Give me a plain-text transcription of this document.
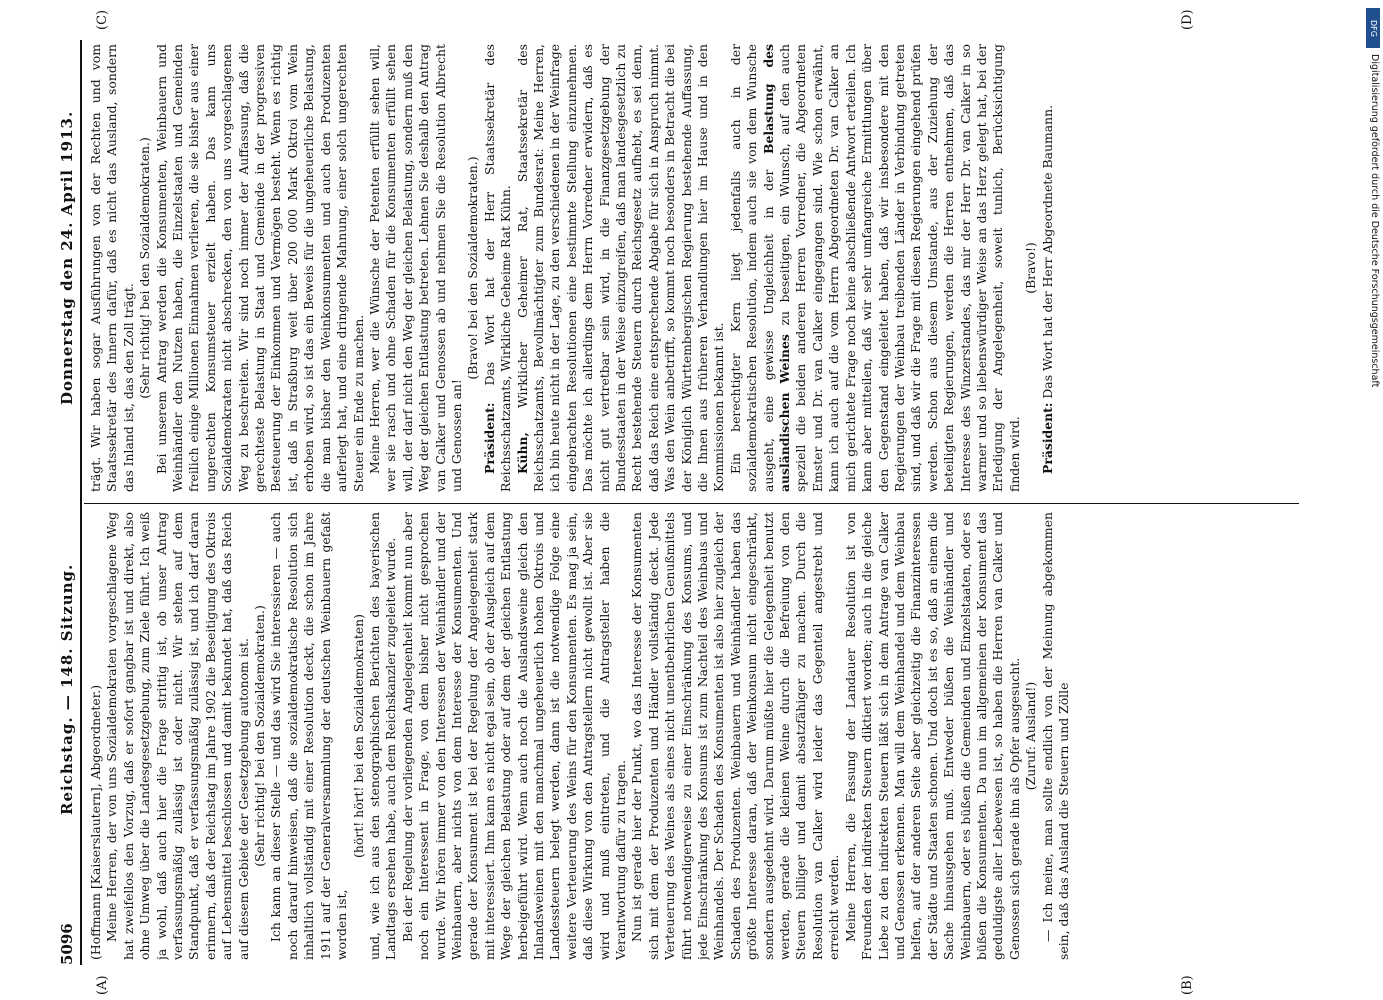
5096
Reichstag. — 148. Sitzung.
Donnerstag den 24. April 1913.
(A)	(B)
(C)	(D)

(Hoffmann [Kaiserslautern], Abgeordneter.) Meine Herren, der von uns Sozialdemokraten vorgeschlagene Weg hat zweifellos den Vorzug, daß er sofort gangbar ist und direkt, also ohne Umweg über die Landesgesetzgebung, zum Ziele führt. Ich weiß ja wohl, daß auch hier die Frage strittig ist, ob unser Antrag verfassungsmäßig zulässig ist oder nicht. Wir stehen auf dem Standpunkt, daß er verfassungsmäßig zulässig ist, und ich darf daran erinnern, daß der Reichstag im Jahre 1902 die Beseitigung des Oktrois auf Lebensmittel beschlossen und damit bekundet hat, daß das Reich auf diesem Gebiete der Gesetzgebung autonom ist. (Sehr richtig! bei den Sozialdemokraten.) Ich kann an dieser Stelle — und das wird Sie interessieren — auch noch darauf hinweisen, daß die sozialdemokratische Resolution sich inhaltlich vollständig mit einer Resolution deckt, die schon im Jahre 1911 auf der Generalversammlung der deutschen Weinbauern gefaßt worden ist,

(hört! hört! bei den Sozialdemokraten) und, wie ich aus den stenographischen Berichten des bayerischen Landtags ersehen habe, auch dem Reichskanzler zugeleitet wurde. Bei der Regelung der vorliegenden Angelegenheit kommt nun aber noch ein Interessent in Frage, von dem bisher nicht gesprochen wurde. Wir hören immer von den Interessen der Weinhändler und der Weinbauern, aber nichts von dem Interesse der Konsumenten. Und gerade der Konsument ist bei der Regelung der Angelegenheit stark mit interessiert. Ihm kann es nicht egal sein, ob der Ausgleich auf dem Wege der gleichen Belastung oder auf dem der gleichen Entlastung herbeigeführt wird. Wenn auch noch die Auslandsweine gleich den Inlandsweinen mit den manchmal ungeheuerlich hohen Oktrois und Landessteuern belegt werden, dann ist die notwendige Folge eine weitere Verteuerung des Weins für den Konsumenten. Es mag ja sein, daß diese Wirkung von den Antragstellern nicht gewollt ist. Aber sie wird und muß eintreten, und die Antragsteller haben die Verantwortung dafür zu tragen. Nun ist gerade hier der Punkt, wo das Interesse der Konsumenten sich mit dem der Produzenten und Händler vollständig deckt. Jede Verteuerung des Weines als eines nicht unentbehrlichen Genußmittels führt notwendigerweise zu einer Einschränkung des Konsums, und jede Einschränkung des Konsums ist zum Nachteil des Weinbaus und Weinhandels. Der Schaden des Konsumenten ist also hier zugleich der Schaden des Produzenten. Weinbauern und Weinhändler haben das größte Interesse daran, daß der Weinkonsum nicht eingeschränkt, sondern ausgedehnt wird. Darum müßte hier die Gelegenheit benutzt werden, gerade die kleinen Weine durch die Befreiung von den Steuern billiger und damit absatzfähiger zu machen. Durch die Resolution van Calker wird leider das Gegenteil angestrebt und erreicht werden. Meine Herren, die Fassung der Landauer Resolution ist von Freunden der indirekten Steuern diktiert worden; auch in die gleiche Liebe zu den indirekten Steuern läßt sich in dem Antrage van Calker und Genossen erkennen. Man will dem Weinhandel und dem Weinbau helfen, auf der anderen Seite aber gleichzeitig die Finanzinteressen der Städte und Staaten schonen. Und doch ist es so, daß an einem die Sache hinausgehen muß. Entweder büßen die Weinhändler und Weinbauern, oder es büßen die Gemeinden und Einzelstaaten, oder es büßen die Konsumenten. Da nun im allgemeinen der Konsument das geduldigste aller Lebewesen ist, so haben die Herren van Calker und Genossen sich gerade ihn als Opfer ausgesucht. (Zuruf: Ausland!) — Ich meine, man sollte endlich von der Meinung abgekommen sein, daß das Ausland die Steuern und Zölle

trägt. Wir haben sogar Ausführungen von der Rechten und vom Staatssekretär des Innern dafür, daß es nicht das Ausland, sondern das Inland ist, das den Zoll trägt. (Sehr richtig! bei den Sozialdemokraten.) Bei unserem Antrag werden die Konsumenten, Weinbauern und Weinhändler den Nutzen haben, die Einzelstaaten und Gemeinden freilich einige Millionen Einnahmen verlieren, die sie bisher aus einer ungerechten Konsumsteuer erzielt haben. Das kann uns Sozialdemokraten nicht abschrecken, den von uns vorgeschlagenen Weg zu beschreiten. Wir sind noch immer der Auffassung, daß die gerechteste Belastung in Staat und Gemeinde in der progressiven Besteuerung der Einkommen und Vermögen besteht. Wenn es richtig ist, daß in Straßburg weit über 200 000 Mark Oktroi vom Wein erhoben wird, so ist das ein Beweis für die ungeheuerliche Belastung, die man bisher den Weinkonsumenten und auch den Produzenten auferlegt hat, und eine dringende Mahnung, einer solch ungerechten Steuer ein Ende zu machen. Meine Herren, wer die Wünsche der Petenten erfüllt sehen will, wer sie rasch und ohne Schaden für die Konsumenten erfüllt sehen will, der darf nicht den Weg der gleichen Belastung, sondern muß den Weg der gleichen Entlastung betreten. Lehnen Sie deshalb den Antrag van Calker und Genossen ab und nehmen Sie die Resolution Albrecht und Genossen an!

(Bravo! bei den Sozialdemokraten.)

Präsident: Das Wort hat der Herr Staatssekretär des Reichsschatzamts, Wirkliche Geheime Rat Kühn. Kühn, Wirklicher Geheimer Rat, Staatssekretär des Reichsschatzamts, Bevollmächtigter zum Bundesrat: Meine Herren, ich bin heute nicht in der Lage, zu den verschiedenen in der Weinfrage eingebrachten Resolutionen eine bestimmte Stellung einzunehmen. Das möchte ich allerdings dem Herrn Vorredner erwidern, daß es nicht gut vertretbar sein wird, in die Finanzgesetzgebung der Bundesstaaten in der Weise einzugreifen, daß man landesgesetzlich zu Recht bestehende Steuern durch Reichsgesetz aufhebt, es sei denn, daß das Reich eine entsprechende Abgabe für sich in Anspruch nimmt. Was den Wein anbetrifft, so kommt noch besonders in Betracht die bei der Königlich Württembergischen Regierung bestehende Auffassung, die Ihnen aus früheren Verhandlungen hier im Hause und in den Kommissionen bekannt ist. Ein berechtigter Kern liegt jedenfalls auch in der sozialdemokratischen Resolution, indem auch sie von dem Wunsche ausgeht, eine gewisse Ungleichheit in der Belastung des ausländischen Weines zu beseitigen, ein Wunsch, auf den auch speziell die beiden anderen Herren Vorredner, die Abgeordneten Emster und Dr. van Calker eingegangen sind. Wie schon erwähnt, kann ich auch auf die vom Herrn Abgeordneten Dr. van Calker an mich gerichtete Frage noch keine abschließende Antwort erteilen. Ich kann aber mitteilen, daß wir sehr umfangreiche Ermittlungen über den Gegenstand eingeleitet haben, daß wir insbesondere mit den Regierungen der Weinbau treibenden Länder in Verbindung getreten sind, und daß wir die Frage mit diesen Regierungen eingehend prüfen werden. Schon aus diesem Umstande, aus der Zuziehung der beteiligten Regierungen, werden die Herren entnehmen, daß das Interesse des Winzerstandes, das mir der Herr Dr. van Calker in so warmer und so liebenswürdiger Weise an das Herz gelegt hat, bei der Erledigung der Angelegenheit, soweit tunlich, Berücksichtigung finden wird.

(Bravo!)

Präsident: Das Wort hat der Herr Abgeordnete Baumann.

DFG
Digitalisierung gefördert durch die Deutsche Forschungsgemeinschaft
